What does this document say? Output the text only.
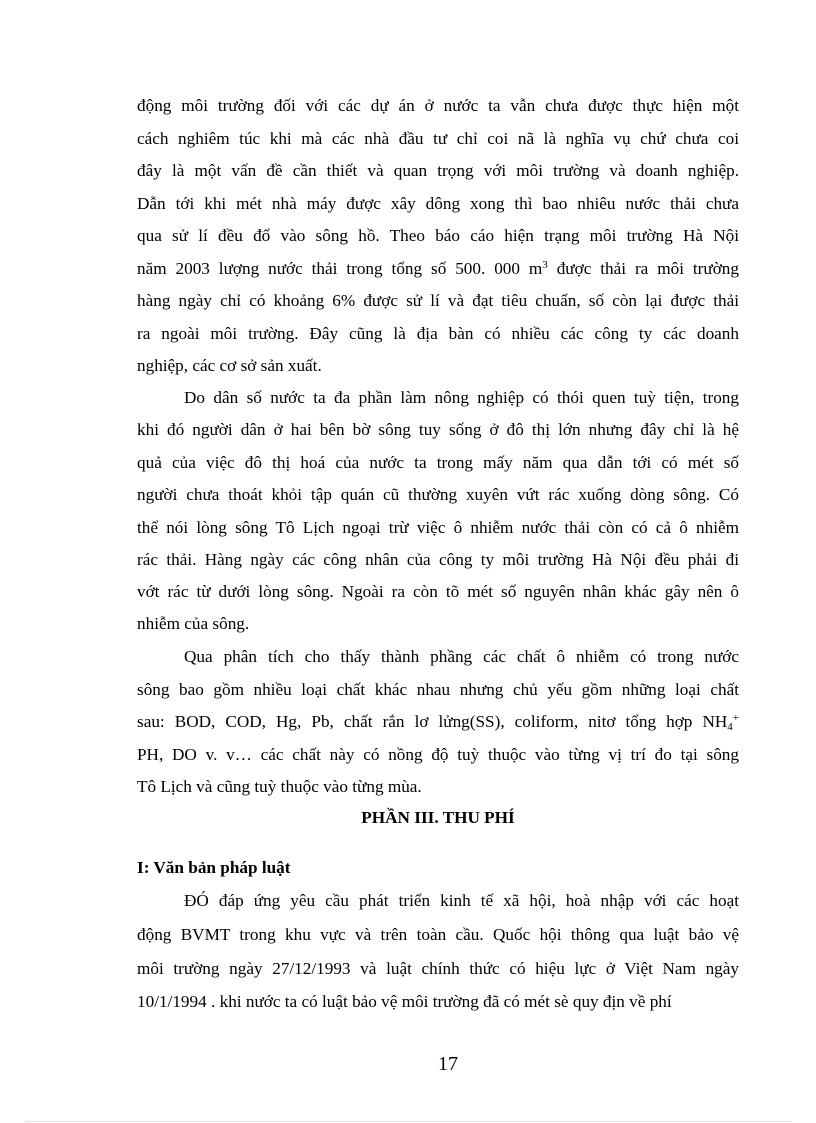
động môi trường đối với các dự án ở nước ta vẫn chưa được thực hiện một
cách nghiêm túc khi mà các nhà đầu tư chỉ coi nã là nghĩa vụ chứ chưa coi
đây là một vấn đề cần thiết và quan trọng với môi trường và doanh nghiệp.
Dẫn tới khi mét nhà máy được xây dông xong thì bao nhiêu nước thải chưa
qua sử lí đều đổ vào sông hồ. Theo báo cáo hiện trạng môi trường Hà Nội
năm 2003 lượng nước thải trong tổng số 500. 000 $m^3$ được thải ra môi trường
hàng ngày chỉ có khoảng 6% được sử lí và đạt tiêu chuẩn, số còn lại được thải
ra ngoài môi trường. Đây cũng là địa bàn có nhiều các công ty các doanh
nghiệp, các cơ sở sản xuất.
Do dân số nước ta đa phần làm nông nghiệp có thói quen tuỳ tiện, trong
khi đó người dân ở hai bên bờ sông tuy sống ở đô thị lớn nhưng đây chỉ là hệ
quả của việc đô thị hoá của nước ta trong mấy năm qua dẫn tới có mét số
người chưa thoát khỏi tập quán cũ thường xuyên vứt rác xuống dòng sông. Có
thể nói lòng sông Tô Lịch ngoại trừ việc ô nhiễm nước thải còn có cả ô nhiễm
rác thải. Hàng ngày các công nhân của công ty môi trường Hà Nội đều phải đi
vớt rác từ dưới lòng sông. Ngoài ra còn tõ mét số nguyên nhân khác gây nên ô
nhiễm của sông.
Qua phân tích cho thấy thành phầng các chất ô nhiễm có trong nước
sông bao gồm nhiều loại chất khác nhau nhưng chủ yếu gồm những loại chất
sau: BOD, COD, Hg, Pb, chất rắn lơ lửng(SS), coliform, nitơ tổng hợp $NH_4^+$
PH, DO v. v… các chất này có nồng độ tuỳ thuộc vào từng vị trí đo tại sông
Tô Lịch và cũng tuỳ thuộc vào từng mùa.
PHẦN III. THU PHÍ
I: Văn bản pháp luật
ĐÓ đáp ứng yêu cầu phát triển kinh tế xã hội, hoà nhập với các hoạt
động BVMT trong khu vực và trên toàn cầu. Quốc hội thông qua luật bảo vệ
môi trường ngày 27/12/1993 và luật chính thức có hiệu lực ở Việt Nam ngày
10/1/1994 . khi nước ta có luật bảo vệ môi trường đã có mét sè quy địn về phí
17
